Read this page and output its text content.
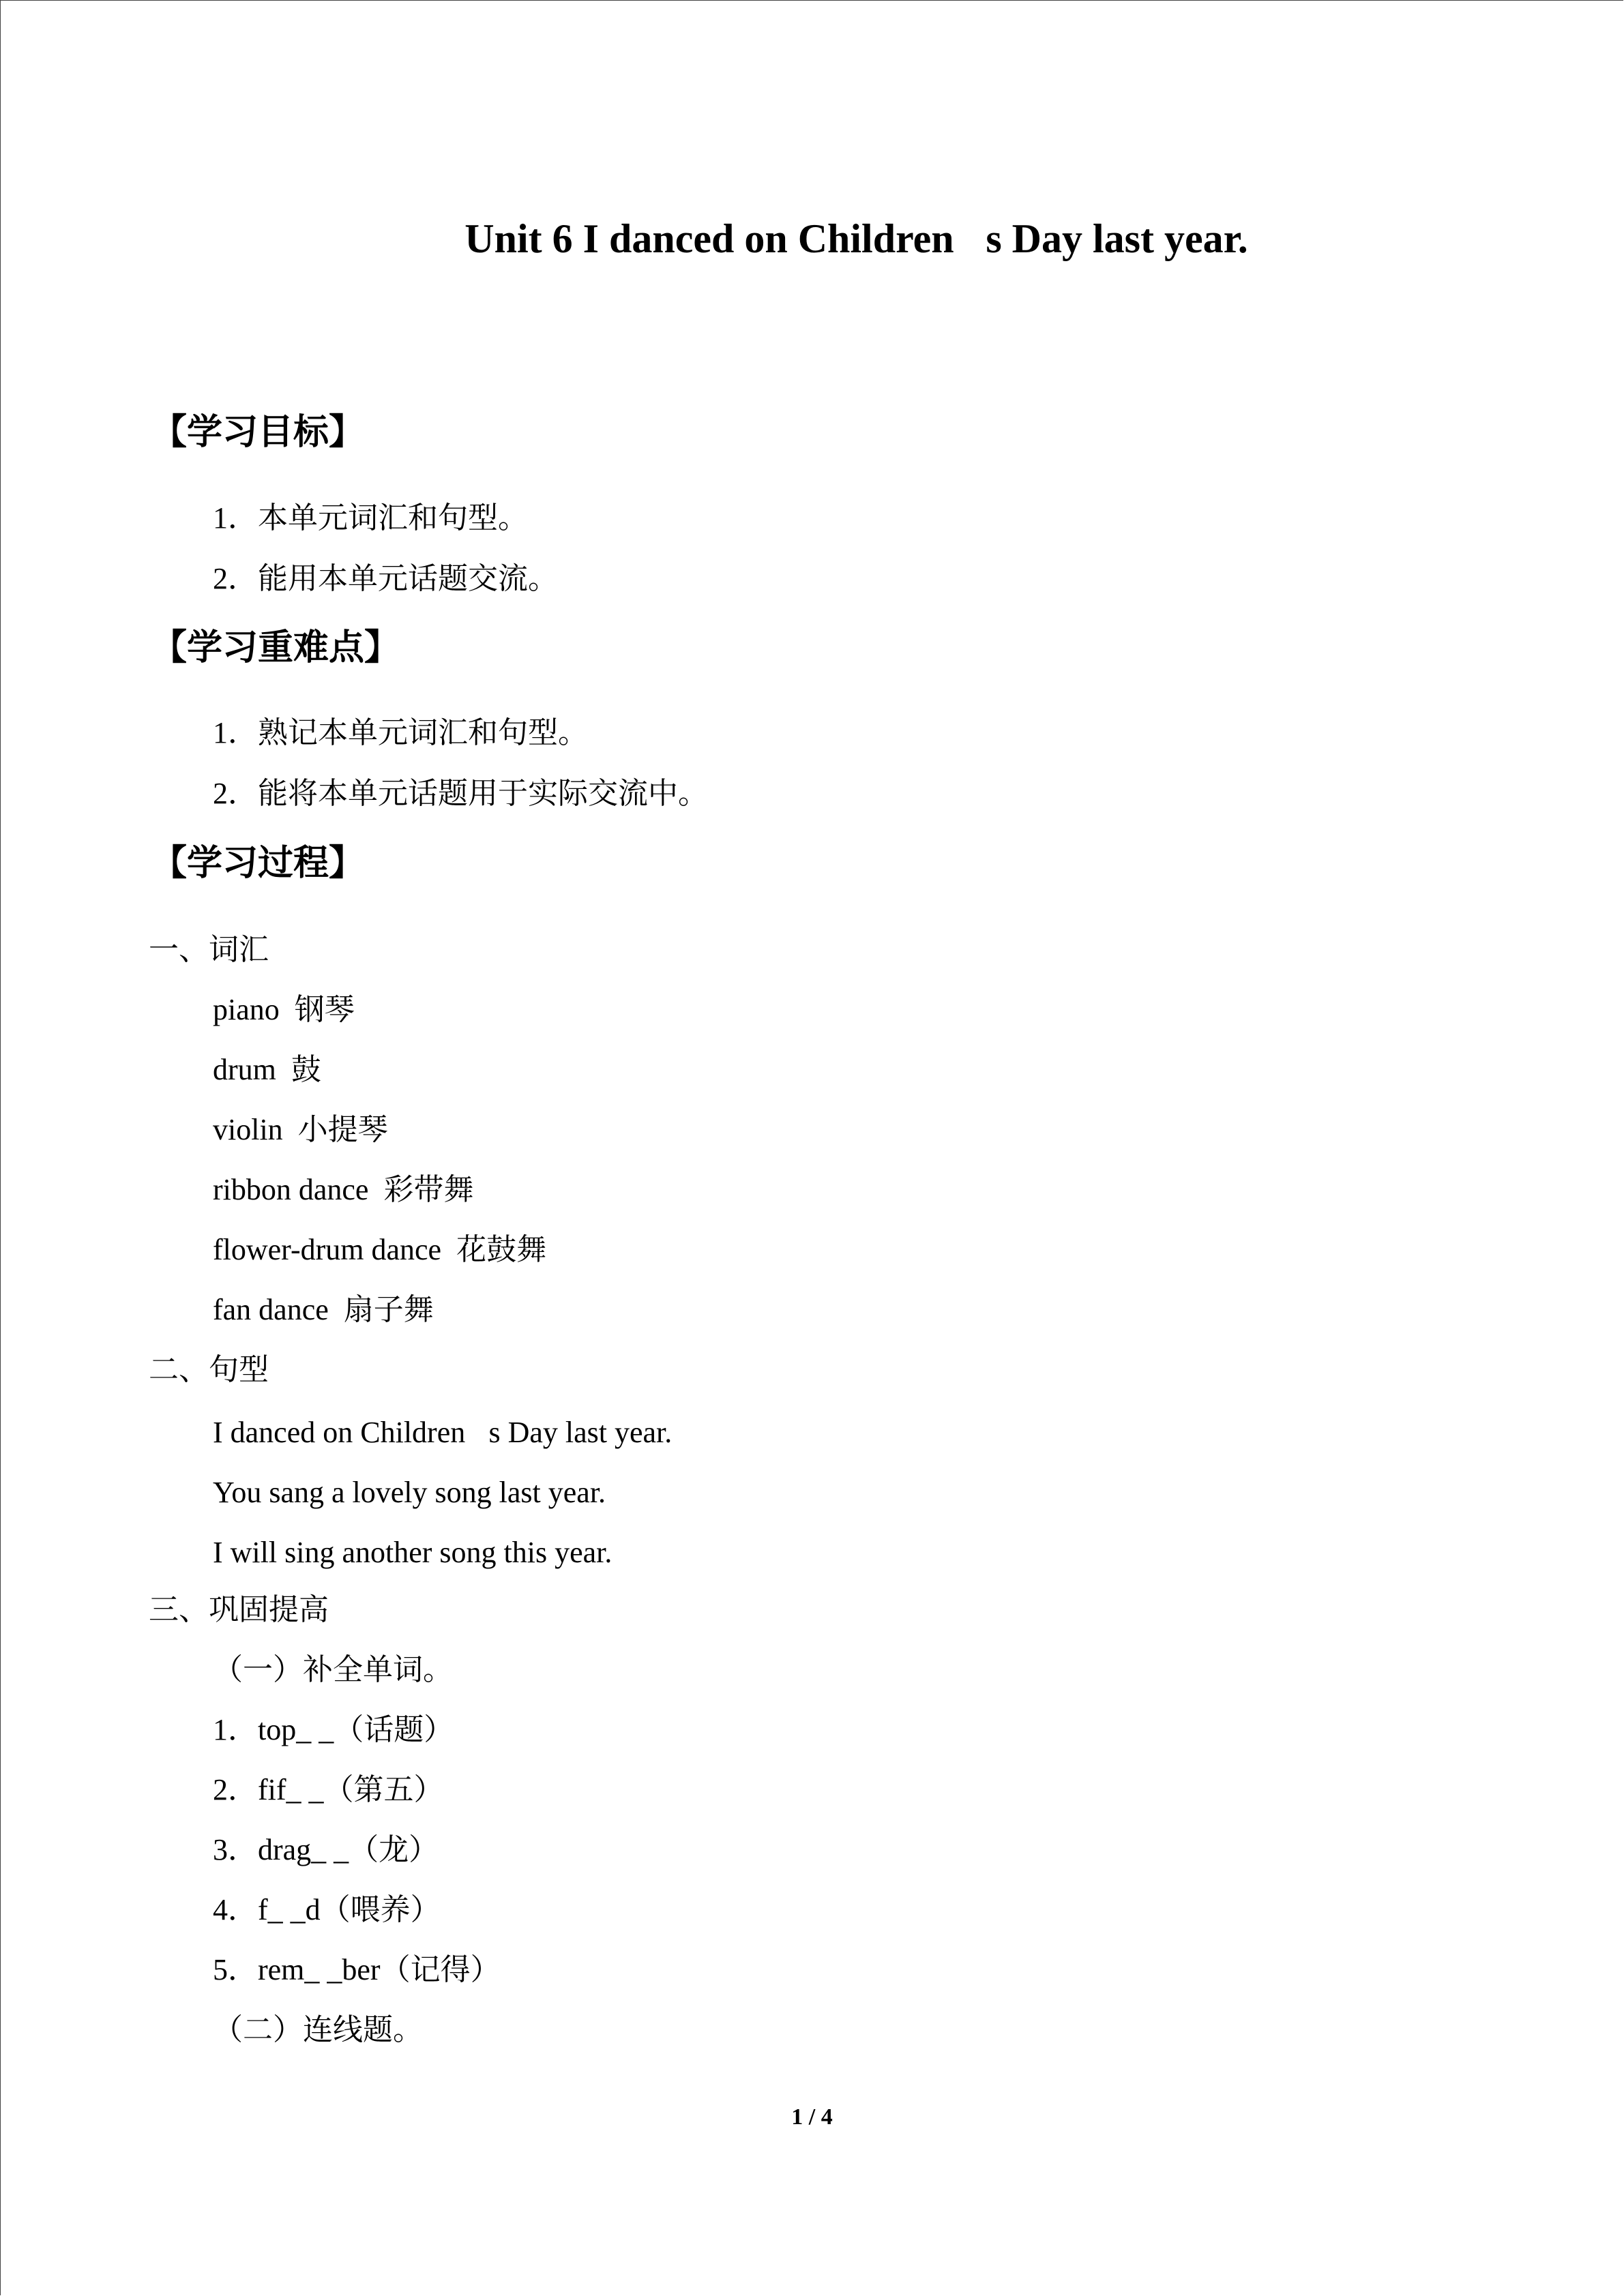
Unit 6 I danced on Children s Day last year.
【学习目标】
1．本单元词汇和句型。
2．能用本单元话题交流。
【学习重难点】
1．熟记本单元词汇和句型。
2．能将本单元话题用于实际交流中。
【学习过程】
一、词汇
piano  钢琴
drum  鼓
violin  小提琴
ribbon dance  彩带舞
flower-drum dance  花鼓舞
fan dance  扇子舞
二、句型
I danced on Children s Day last year.
You sang a lovely song last year.
I will sing another song this year.
三、巩固提高
（一）补全单词。
1．top_ _（话题）
2．fif_ _（第五）
3．drag_ _（龙）
4．f_ _d（喂养）
5．rem_ _ber（记得）
（二）连线题。
1 / 4
